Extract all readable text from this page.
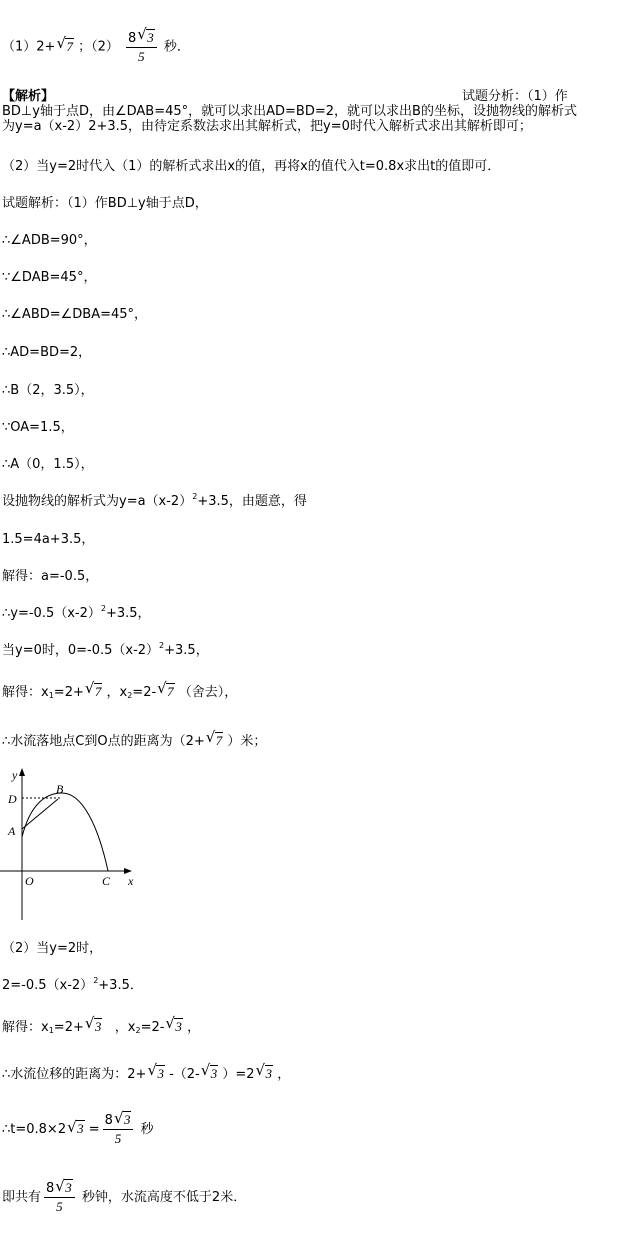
（1）2+ √ 7 ；$(2) \frac{8 √ 3}{5}$ 秒．
【解析】	试题分析：（1）作
BD⊥y轴于点D，由∠DAB=45°，就可以求出AD=BD=2，就可以求出B的坐标，设抛物线的解析式
为y=a（x-2）2+3.5，由待定系数法求出其解析式，把y=0时代入解析式求出其解析即可；
（2）当y=2时代入（1）的解析式求出x的值，再将x的值代入t=0.8x求出t的值即可．
试题解析：（1）作BD⊥y轴于点D，
∴∠ADB=90°，
∵∠DAB=45°，
∴∠ABD=∠DBA=45°，
∴AD=BD=2，
∴B（2，3.5），
∵OA=1.5，
∴A（0，1.5），
设抛物线的解析式为$y=a(x-2)^2+3.5$，由题意，得
1.5=4a+3.5，
解得：a=-0.5，
$\therefore y=-0.5(x-2)^2+3.5$，
当y=0时，$0=-0.5(x-2)^2+3.5$，
解得：x1=2+ √ 7 ，x2=2- √ 7 （舍去），
∴水流落地点C到O点的距离为（2+ √ 7 ）米；
y
D
B
A
O	C x
（2）当y=2时，
$2=-0.5(x-2)^2+3.5$．
解得：x1=2+ √ 3 ，x2=2- √ 3 ，
∴水流位移的距离为：2+ √ 3 -（2- √ 3 ）=2 √ 3 ，
∴t=0.8×2 √ $3 = \frac{8 √ 3}{5}$ 秒
即共有 $\frac{8 √ 3}{5}$ 秒钟，水流高度不低于2米．
